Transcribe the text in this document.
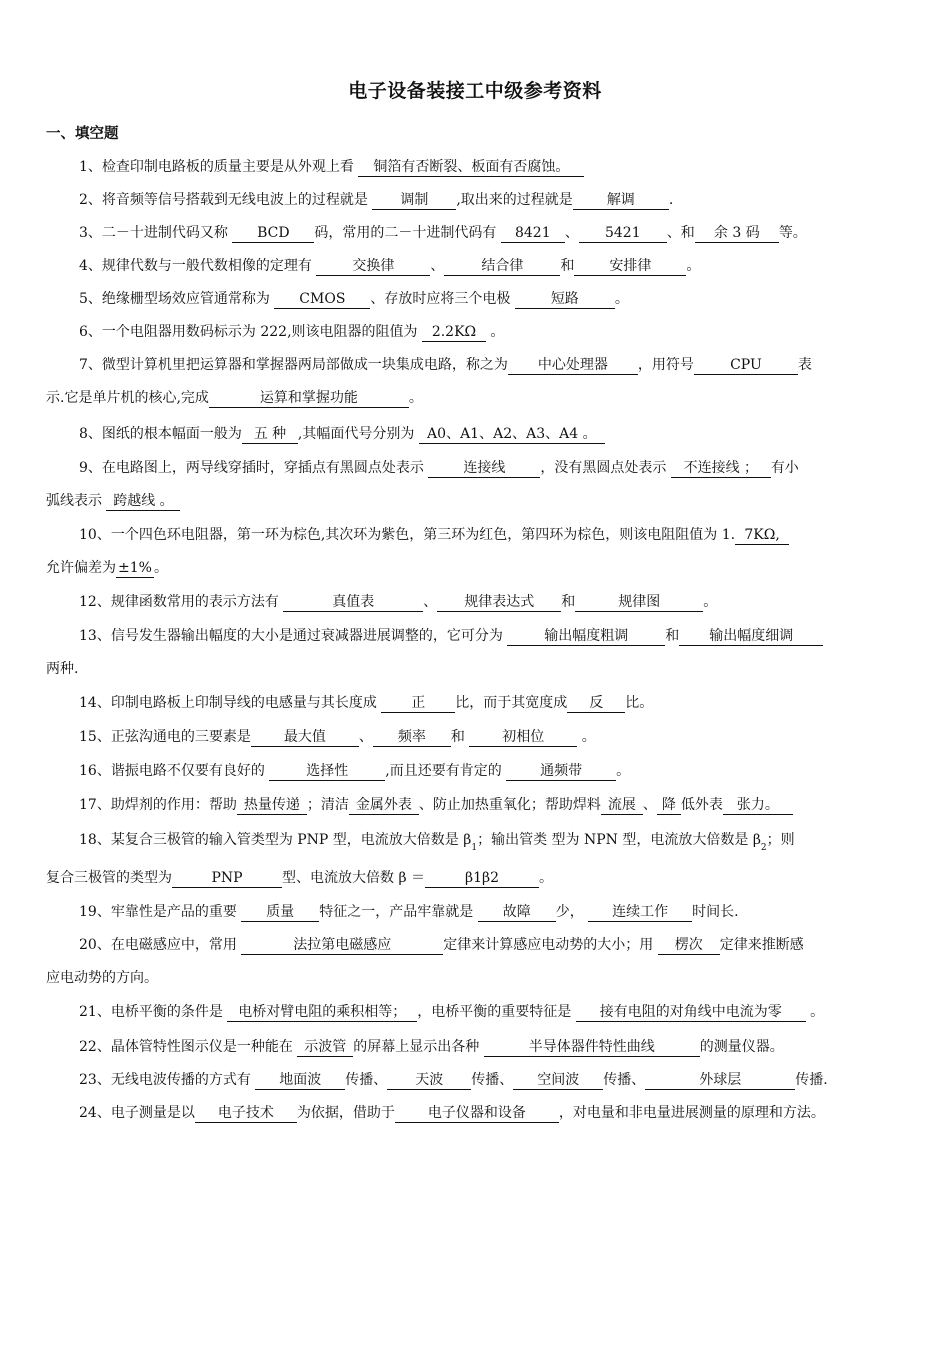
电子设备装接工中级参考资料
一、填空题
1、检查印制电路板的质量主要是从外观上看 铜箔有否断裂、板面有否腐蚀。
2、将音频等信号搭载到无线电波上的过程就是 调制 ,取出来的过程就是 解调 .
3、二－十进制代码又称 BCD 码，常用的二－十进制代码有 8421 、 5421 、和 余 3 码 等。
4、规律代数与一般代数相像的定理有	交换律	、	结合律	和	安排律	。
5、绝缘栅型场效应管通常称为 CMOS 、存放时应将三个电极	短路	。
6、一个电阻器用数码标示为 222,则该电阻器的阻值为 2.2KΩ 。
7、微型计算机里把运算器和掌握器两局部做成一块集成电路，称之为 中心处理器 ，用符号	CPU	表
示.它是单片机的核心,完成	运算和掌握功能	。
8、图纸的根本幅面一般为 五 种 ,其幅面代号分别为 A0、A1、A2、A3、A4 。
9、在电路图上，两导线穿插时，穿插点有黑圆点处表示	连接线	，没有黑圆点处表示 不连接线 ； 有小
弧线表示 跨越线 。
10、一个四色环电阻器，第一环为棕色,其次环为紫色，第三环为红色，第四环为棕色，则该电阻阻值为 1. 7KΩ,
允许偏差为 ±1% 。
12、规律函数常用的表示方法有	真值表	、 规律表达式 和	规律图	。
13、信号发生器输出幅度的大小是通过衰减器进展调整的，它可分为	输出幅度粗调	和 输出幅度细调
两种.
14、印制电路板上印制导线的电感量与其长度成 正 比，而于其宽度成 反 比。
15、正弦沟通电的三要素是 最大值 、 频率 和 初相位 。
16、谐振电路不仅要有良好的	选择性	,而且还要有肯定的 通频带 。
17、助焊剂的作用：帮助 热量传递 ；清洁 金属外表 、防止加热重氧化；帮助焊料 流展 、 降 低外表 张力。
18、某复合三极管的输入管类型为 PNP 型，电流放大倍数是 $\beta_1$；输出管类 型为 NPN 型，电流放大倍数是 $\beta_2$；则
复合三极管的类型为	PNP	型、电流放大倍数 β ＝	β1β2	。
19、牢靠性是产品的重要 质量 特征之一，产品牢靠就是 故障 少， 连续工作 时间长.
20、在电磁感应中，常用	法拉第电磁感应	定律来计算感应电动势的大小；用 楞次 定律来推断感
应电动势的方向。
21、电桥平衡的条件是 电桥对臂电阻的乘积相等； ，电桥平衡的重要特征是 接有电阻的对角线中电流为零 。
22、晶体管特性图示仪是一种能在 示波管 的屏幕上显示出各种	半导体器件特性曲线	的测量仪器。
23、无线电波传播的方式有 地面波 传播、 天波 传播、 空间波 传播、	外球层	传播.
24、电子测量是以 电子技术 为依据，借助于 电子仪器和设备 ，对电量和非电量进展测量的原理和方法。
